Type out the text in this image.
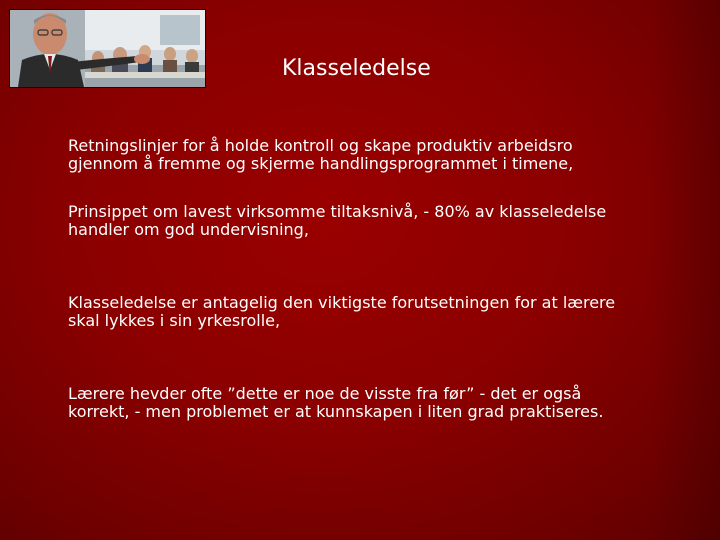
Klasseledelse
Retningslinjer for å holde kontroll og skape produktiv arbeidsro
gjennom å fremme og skjerme handlingsprogrammet i timene,
Prinsippet om lavest virksomme tiltaksnivå, - 80% av klasseledelse
handler om god undervisning,
Klasseledelse er antagelig den viktigste forutsetningen for at lærere
skal lykkes i sin yrkesrolle,
Lærere hevder ofte ”dette er noe de visste fra før” - det er også
korrekt, - men problemet er at kunnskapen i liten grad praktiseres.
